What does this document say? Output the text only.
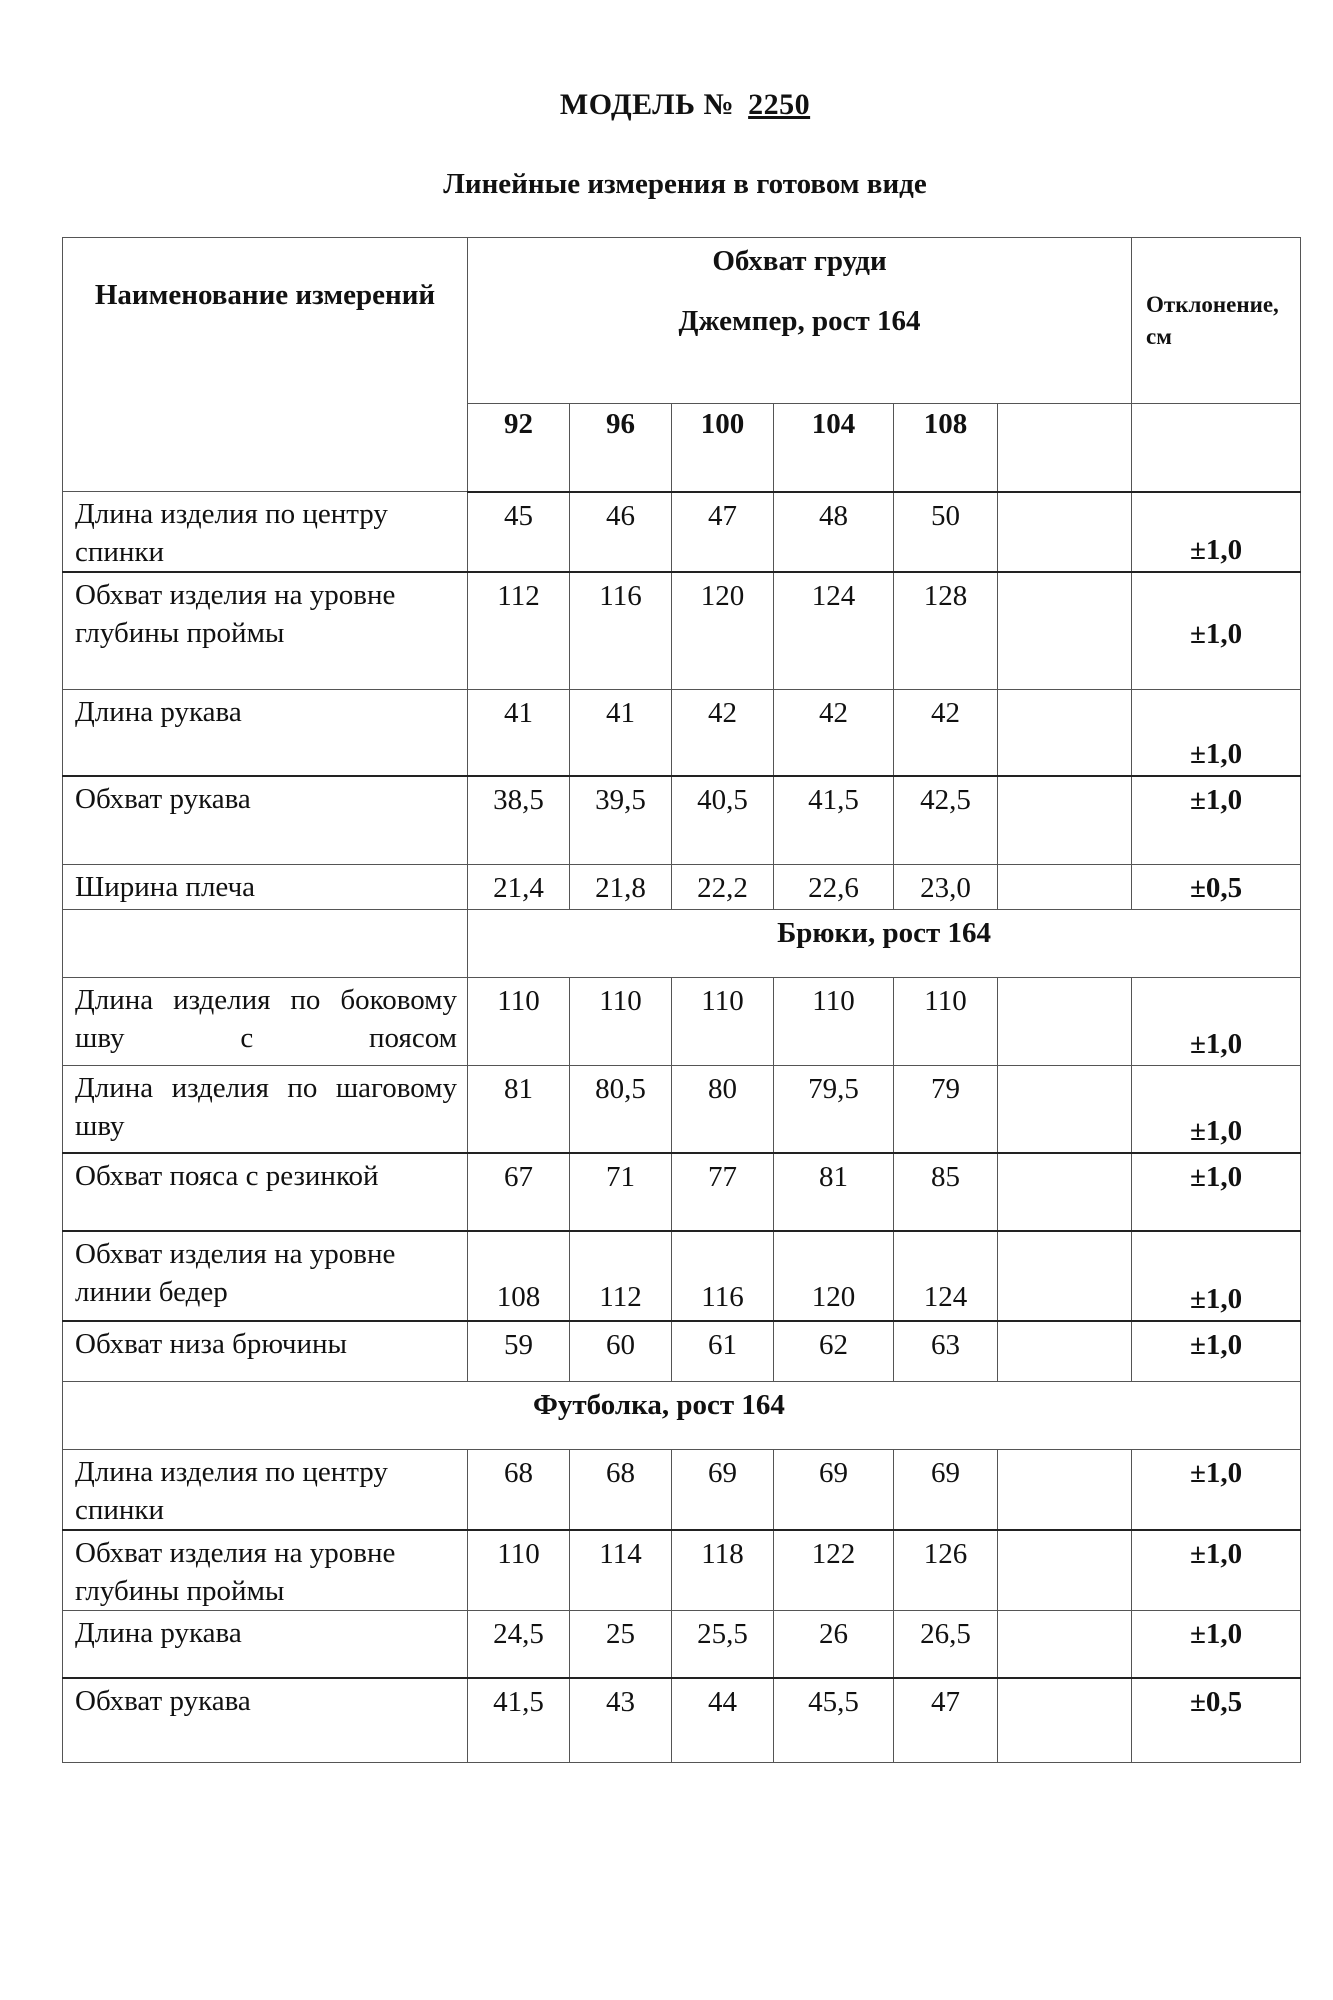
МОДЕЛЬ № 2250
Линейные измерения в готовом виде
Наименование измерений	Обхват груди
Джемпер, рост 164						Отклонение, см
	92	96	100	104	108		
Длина изделия по центру спинки	45	46	47	48	50		±1,0
Обхват изделия на уровне глубины проймы	112	116	120	124	128		±1,0
Длина рукава	41	41	42	42	42		±1,0
Обхват рукава	38,5	39,5	40,5	41,5	42,5		±1,0
Ширина плеча	21,4	21,8	22,2	22,6	23,0		±0,5
	Брюки, рост 164						
Длина изделия по боковому шву с поясом	110	110	110	110	110		±1,0
Длина изделия по шаговому шву	81	80,5	80	79,5	79		±1,0
Обхват пояса с резинкой	67	71	77	81	85		±1,0
Обхват изделия на уровне линии бедер	108	112	116	120	124		±1,0
Обхват низа брючины	59	60	61	62	63		±1,0
Футболка, рост 164							
Длина изделия по центру спинки	68	68	69	69	69		±1,0
Обхват изделия на уровне глубины проймы	110	114	118	122	126		±1,0
Длина рукава	24,5	25	25,5	26	26,5		±1,0
Обхват рукава	41,5	43	44	45,5	47		±0,5
